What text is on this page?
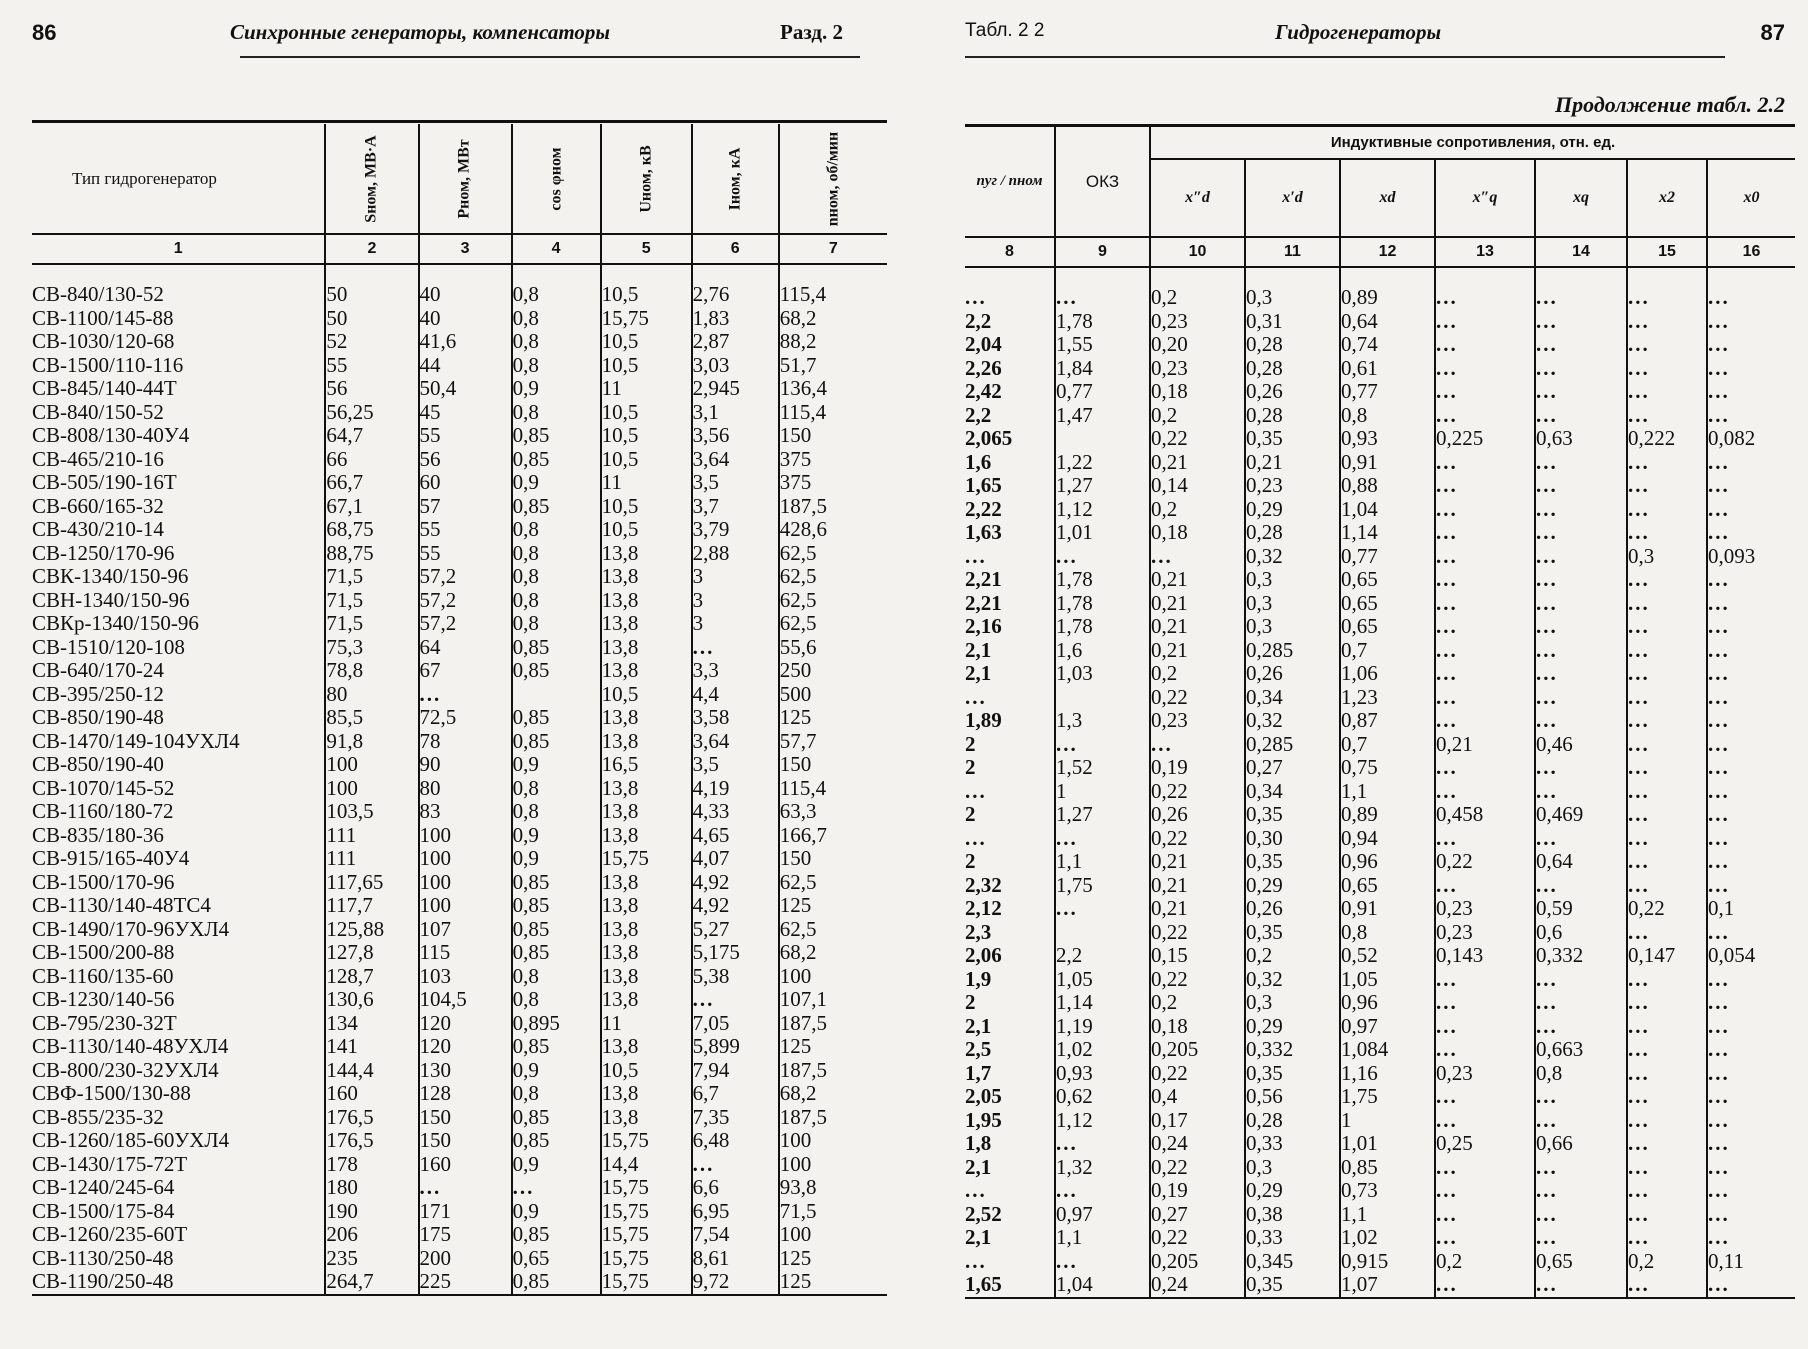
86	Синхронные генераторы, компенсаторы	Разд. 2
Тип гидрогенератор	Sном, МВ·А	Pном, МВт	cos φном	Uном, кВ	Iном, кА	nном, об/мин
1	2	3	4	5	6	7

СВ-840/130-52	50	40	0,8	10,5	2,76	115,4
СВ-1100/145-88	50	40	0,8	15,75	1,83	68,2
СВ-1030/120-68	52	41,6	0,8	10,5	2,87	88,2
СВ-1500/110-116	55	44	0,8	10,5	3,03	51,7
СВ-845/140-44Т	56	50,4	0,9	11	2,945	136,4
СВ-840/150-52	56,25	45	0,8	10,5	3,1	115,4
СВ-808/130-40У4	64,7	55	0,85	10,5	3,56	150
СВ-465/210-16	66	56	0,85	10,5	3,64	375
СВ-505/190-16Т	66,7	60	0,9	11	3,5	375
СВ-660/165-32	67,1	57	0,85	10,5	3,7	187,5
СВ-430/210-14	68,75	55	0,8	10,5	3,79	428,6
СВ-1250/170-96	88,75	55	0,8	13,8	2,88	62,5
СВК-1340/150-96	71,5	57,2	0,8	13,8	3	62,5
СВН-1340/150-96	71,5	57,2	0,8	13,8	3	62,5
СВКр-1340/150-96	71,5	57,2	0,8	13,8	3	62,5
СВ-1510/120-108	75,3	64	0,85	13,8	...	55,6
СВ-640/170-24	78,8	67	0,85	13,8	3,3	250
СВ-395/250-12	80	...		10,5	4,4	500
СВ-850/190-48	85,5	72,5	0,85	13,8	3,58	125
СВ-1470/149-104УХЛ4	91,8	78	0,85	13,8	3,64	57,7
СВ-850/190-40	100	90	0,9	16,5	3,5	150
СВ-1070/145-52	100	80	0,8	13,8	4,19	115,4
СВ-1160/180-72	103,5	83	0,8	13,8	4,33	63,3
СВ-835/180-36	111	100	0,9	13,8	4,65	166,7
СВ-915/165-40У4	111	100	0,9	15,75	4,07	150
СВ-1500/170-96	117,65	100	0,85	13,8	4,92	62,5
СВ-1130/140-48ТС4	117,7	100	0,85	13,8	4,92	125
СВ-1490/170-96УХЛ4	125,88	107	0,85	13,8	5,27	62,5
СВ-1500/200-88	127,8	115	0,85	13,8	5,175	68,2
СВ-1160/135-60	128,7	103	0,8	13,8	5,38	100
СВ-1230/140-56	130,6	104,5	0,8	13,8	...	107,1
СВ-795/230-32Т	134	120	0,895	11	7,05	187,5
СВ-1130/140-48УХЛ4	141	120	0,85	13,8	5,899	125
СВ-800/230-32УХЛ4	144,4	130	0,9	10,5	7,94	187,5
СВФ-1500/130-88	160	128	0,8	13,8	6,7	68,2
СВ-855/235-32	176,5	150	0,85	13,8	7,35	187,5
СВ-1260/185-60УХЛ4	176,5	150	0,85	15,75	6,48	100
СВ-1430/175-72Т	178	160	0,9	14,4	...	100
СВ-1240/245-64	180	...	...	15,75	6,6	93,8
СВ-1500/175-84	190	171	0,9	15,75	6,95	71,5
СВ-1260/235-60Т	206	175	0,85	15,75	7,54	100
СВ-1130/250-48	235	200	0,65	15,75	8,61	125
СВ-1190/250-48	264,7	225	0,85	15,75	9,72	125
Табл. 2 2	Гидрогенераторы	87
Продолжение табл. 2.2
nуг / nном	ОКЗ	Индуктивные сопротивления, отн. ед.						
		x″d	x′d	xd	x″q	xq	x2	x0
8	9	10	11	12	13	14	15	16

...	...	0,2	0,3	0,89	...	...	...	...
2,2	1,78	0,23	0,31	0,64	...	...	...	...
2,04	1,55	0,20	0,28	0,74	...	...	...	...
2,26	1,84	0,23	0,28	0,61	...	...	...	...
2,42	0,77	0,18	0,26	0,77	...	...	...	...
2,2	1,47	0,2	0,28	0,8	...	...	...	...
2,065		0,22	0,35	0,93	0,225	0,63	0,222	0,082
1,6	1,22	0,21	0,21	0,91	...	...	...	...
1,65	1,27	0,14	0,23	0,88	...	...	...	...
2,22	1,12	0,2	0,29	1,04	...	...	...	...
1,63	1,01	0,18	0,28	1,14	...	...	...	...
...	...	...	0,32	0,77	...	...	0,3	0,093
2,21	1,78	0,21	0,3	0,65	...	...	...	...
2,21	1,78	0,21	0,3	0,65	...	...	...	...
2,16	1,78	0,21	0,3	0,65	...	...	...	...
2,1	1,6	0,21	0,285	0,7	...	...	...	...
2,1	1,03	0,2	0,26	1,06	...	...	...	...
...		0,22	0,34	1,23	...	...	...	...
1,89	1,3	0,23	0,32	0,87	...	...	...	...
2	...	...	0,285	0,7	0,21	0,46	...	...
2	1,52	0,19	0,27	0,75	...	...	...	...
...	1	0,22	0,34	1,1	...	...	...	...
2	1,27	0,26	0,35	0,89	0,458	0,469	...	...
...	...	0,22	0,30	0,94	...	...	...	...
2	1,1	0,21	0,35	0,96	0,22	0,64	...	...
2,32	1,75	0,21	0,29	0,65	...	...	...	...
2,12	...	0,21	0,26	0,91	0,23	0,59	0,22	0,1
2,3		0,22	0,35	0,8	0,23	0,6	...	...
2,06	2,2	0,15	0,2	0,52	0,143	0,332	0,147	0,054
1,9	1,05	0,22	0,32	1,05	...	...	...	...
2	1,14	0,2	0,3	0,96	...	...	...	...
2,1	1,19	0,18	0,29	0,97	...	...	...	...
2,5	1,02	0,205	0,332	1,084	...	0,663	...	...
1,7	0,93	0,22	0,35	1,16	0,23	0,8	...	...
2,05	0,62	0,4	0,56	1,75	...	...	...	...
1,95	1,12	0,17	0,28	1	...	...	...	...
1,8	...	0,24	0,33	1,01	0,25	0,66	...	...
2,1	1,32	0,22	0,3	0,85	...	...	...	...
...	...	0,19	0,29	0,73	...	...	...	...
2,52	0,97	0,27	0,38	1,1	...	...	...	...
2,1	1,1	0,22	0,33	1,02	...	...	...	...
...	...	0,205	0,345	0,915	0,2	0,65	0,2	0,11
1,65	1,04	0,24	0,35	1,07	...	...	...	...
